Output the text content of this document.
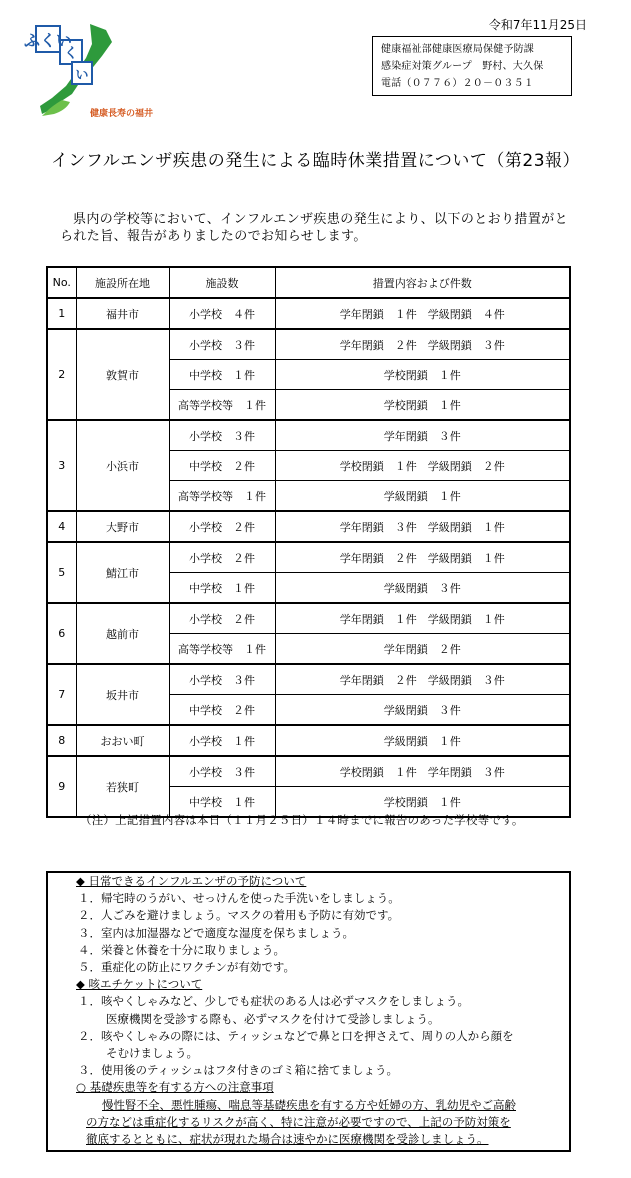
令和7年11月25日
健康福祉部健康医療局保健予防課
感染症対策グループ　野村、大久保
電話（０７７６）２０－０３５１
ふくい
く
い
健康長寿の福井
インフルエンザ疾患の発生による臨時休業措置について（第23報）
県内の学校等において、インフルエンザ疾患の発生により、以下のとおり措置がとられた旨、報告がありましたのでお知らせします。
No.	施設所在地	施設数	措置内容および件数
1	福井市	小学校　４件	学年閉鎖　１件　学級閉鎖　４件
2	敦賀市	小学校　３件	学年閉鎖　２件　学級閉鎖　３件
		中学校　１件	学校閉鎖　１件
		高等学校等　１件	学校閉鎖　１件
3	小浜市	小学校　３件	学年閉鎖　３件
		中学校　２件	学校閉鎖　１件　学級閉鎖　２件
		高等学校等　１件	学級閉鎖　１件
4	大野市	小学校　２件	学年閉鎖　３件　学級閉鎖　１件
5	鯖江市	小学校　２件	学年閉鎖　２件　学級閉鎖　１件
		中学校　１件	学級閉鎖　３件
6	越前市	小学校　２件	学年閉鎖　１件　学級閉鎖　１件
		高等学校等　１件	学年閉鎖　２件
7	坂井市	小学校　３件	学年閉鎖　２件　学級閉鎖　３件
		中学校　２件	学級閉鎖　３件
8	おおい町	小学校　１件	学級閉鎖　１件
9	若狭町	小学校　３件	学校閉鎖　１件　学年閉鎖　３件
		中学校　１件	学校閉鎖　１件
（注）上記措置内容は本日（１１月２５日）１４時までに報告のあった学校等です。
◆ 日常できるインフルエンザの予防について
１．帰宅時のうがい、せっけんを使った手洗いをしましょう。
２．人ごみを避けましょう。マスクの着用も予防に有効です。
３．室内は加湿器などで適度な湿度を保ちましょう。
４．栄養と休養を十分に取りましょう。
５．重症化の防止にワクチンが有効です。
◆ 咳エチケットについて
１．咳やくしゃみなど、少しでも症状のある人は必ずマスクをしましょう。
医療機関を受診する際も、必ずマスクを付けて受診しましょう。
２．咳やくしゃみの際には、ティッシュなどで鼻と口を押さえて、周りの人から顔を
そむけましょう。
３．使用後のティッシュはフタ付きのゴミ箱に捨てましょう。
○ 基礎疾患等を有する方への注意事項
慢性腎不全、悪性腫瘍、喘息等基礎疾患を有する方や妊婦の方、乳幼児やご高齢
の方などは重症化するリスクが高く、特に注意が必要ですので、上記の予防対策を
徹底するとともに、症状が現れた場合は速やかに医療機関を受診しましょう。
